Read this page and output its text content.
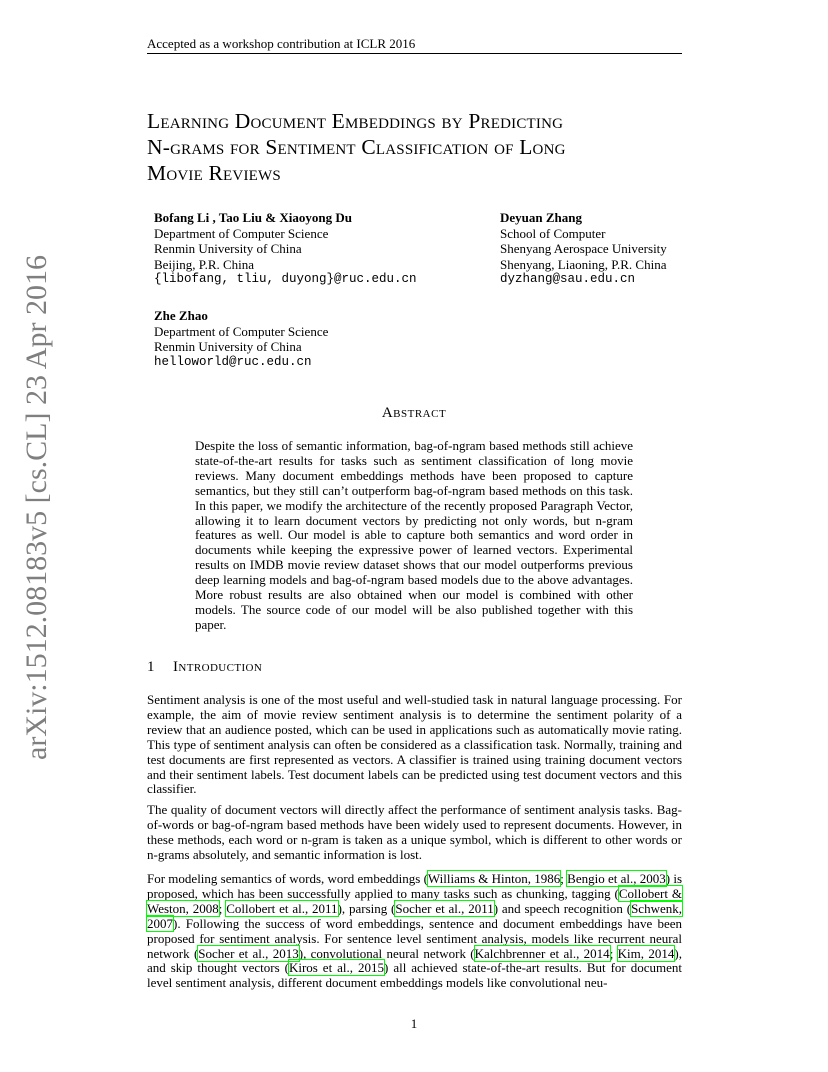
Accepted as a workshop contribution at ICLR 2016
arXiv:1512.08183v5 [cs.CL] 23 Apr 2016
Learning Document Embeddings by Predicting
N-grams for Sentiment Classification of Long
Movie Reviews
Bofang Li , Tao Liu & Xiaoyong Du
Department of Computer Science
Renmin University of China
Beijing, P.R. China
{libofang, tliu, duyong}@ruc.edu.cn
Deyuan Zhang
School of Computer
Shenyang Aerospace University
Shenyang, Liaoning, P.R. China
dyzhang@sau.edu.cn
Zhe Zhao
Department of Computer Science
Renmin University of China
helloworld@ruc.edu.cn
Abstract
Despite the loss of semantic information, bag-of-ngram based methods still achieve state-of-the-art results for tasks such as sentiment classification of long movie reviews. Many document embeddings methods have been proposed to capture semantics, but they still can’t outperform bag-of-ngram based methods on this task. In this paper, we modify the architecture of the recently proposed Paragraph Vector, allowing it to learn document vectors by predicting not only words, but n-gram features as well. Our model is able to capture both semantics and word order in documents while keeping the expressive power of learned vectors. Experimental results on IMDB movie review dataset shows that our model outperforms previous deep learning models and bag-of-ngram based models due to the above advantages. More robust results are also obtained when our model is combined with other models. The source code of our model will be also published together with this paper.
1 Introduction
Sentiment analysis is one of the most useful and well-studied task in natural language processing. For example, the aim of movie review sentiment analysis is to determine the sentiment polarity of a review that an audience posted, which can be used in applications such as automatically movie rating. This type of sentiment analysis can often be considered as a classification task. Normally, training and test documents are first represented as vectors. A classifier is trained using training document vectors and their sentiment labels. Test document labels can be predicted using test document vectors and this classifier.
The quality of document vectors will directly affect the performance of sentiment analysis tasks. Bag-of-words or bag-of-ngram based methods have been widely used to represent documents. However, in these methods, each word or n-gram is taken as a unique symbol, which is different to other words or n-grams absolutely, and semantic information is lost.
For modeling semantics of words, word embeddings (Williams & Hinton, 1986; Bengio et al., 2003) is proposed, which has been successfully applied to many tasks such as chunking, tagging (Collobert & Weston, 2008; Collobert et al., 2011), parsing (Socher et al., 2011) and speech recognition (Schwenk, 2007). Following the success of word embeddings, sentence and document embeddings have been proposed for sentiment analysis. For sentence level sentiment analysis, models like recurrent neural network (Socher et al., 2013), convolutional neural network (Kalchbrenner et al., 2014; Kim, 2014), and skip thought vectors (Kiros et al., 2015) all achieved state-of-the-art results. But for document level sentiment analysis, different document embeddings models like convolutional neu-
1
